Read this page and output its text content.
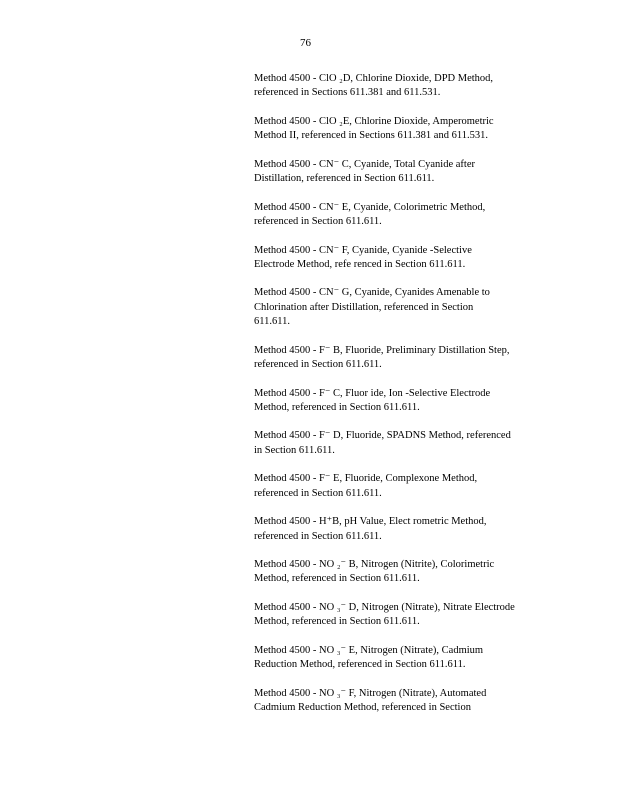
76
Method 4500 - ClO ₂D, Chlorine Dioxide, DPD Method,
referenced in Sections 611.381 and 611.531.
Method 4500 - ClO ₂E, Chlorine Dioxide, Amperometric
Method II, referenced in Sections 611.381 and 611.531.
Method 4500 - CN⁻ C, Cyanide, Total Cyanide after
Distillation, referenced in Section 611.611.
Method 4500 - CN⁻ E, Cyanide, Colorimetric Method,
referenced in Section 611.611.
Method 4500 - CN⁻ F, Cyanide, Cyanide -Selective
Electrode Method, refe renced in Section 611.611.
Method 4500 - CN⁻ G, Cyanide, Cyanides Amenable to
Chlorination after Distillation, referenced in Section
611.611.
Method 4500 - F⁻ B, Fluoride, Preliminary Distillation Step,
referenced in Section 611.611.
Method 4500 - F⁻ C, Fluor ide, Ion -Selective Electrode
Method, referenced in Section 611.611.
Method 4500 - F⁻ D, Fluoride, SPADNS Method, referenced
in Section 611.611.
Method 4500 - F⁻ E, Fluoride, Complexone Method,
referenced in Section 611.611.
Method 4500 - H⁺B, pH Value, Elect rometric Method,
referenced in Section 611.611.
Method 4500 - NO ₂⁻ B, Nitrogen (Nitrite), Colorimetric
Method, referenced in Section 611.611.
Method 4500 - NO ₃⁻ D, Nitrogen (Nitrate), Nitrate Electrode
Method, referenced in Section 611.611.
Method 4500 - NO ₃⁻ E, Nitrogen (Nitrate), Cadmium
Reduction Method, referenced in Section 611.611.
Method 4500 - NO ₃⁻ F, Nitrogen (Nitrate), Automated
Cadmium Reduction Method, referenced in Section
